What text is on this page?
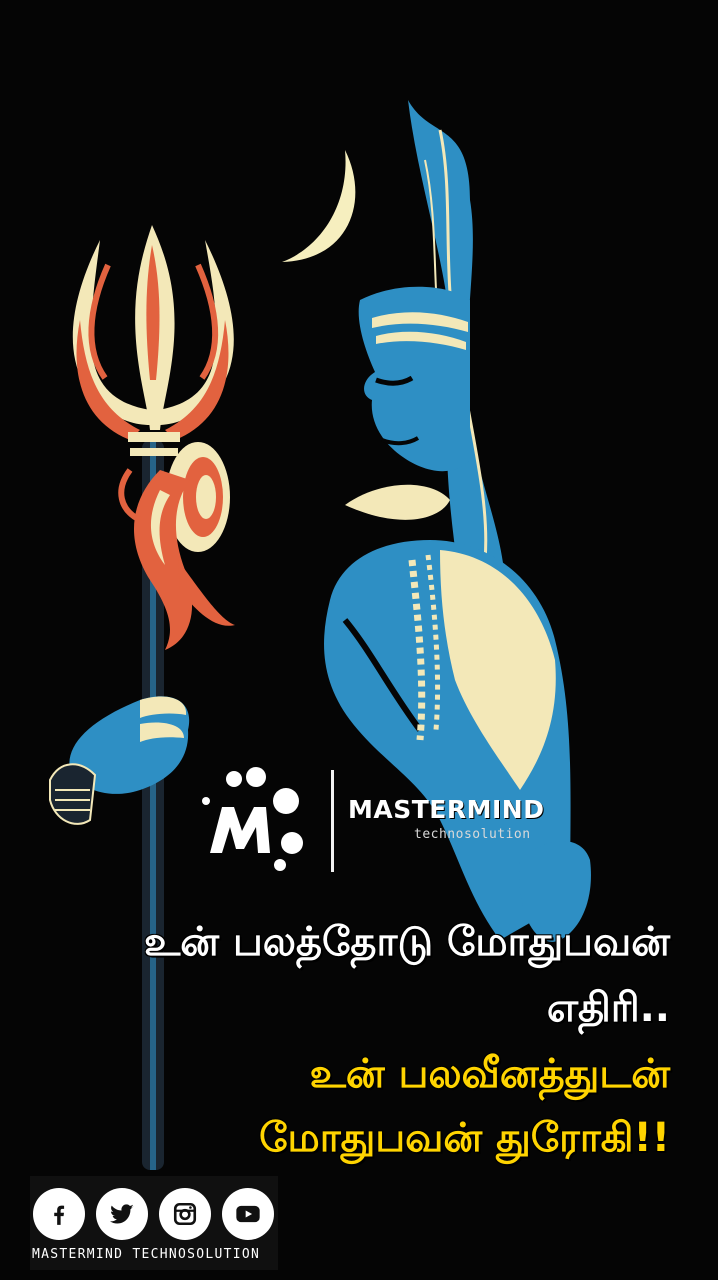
MASTERMIND
technosolution
உன் பலத்தோடு மோதுபவன்
எதிரி..
உன் பலவீனத்துடன்
மோதுபவன் துரோகி!!
MASTERMIND TECHNOSOLUTION
